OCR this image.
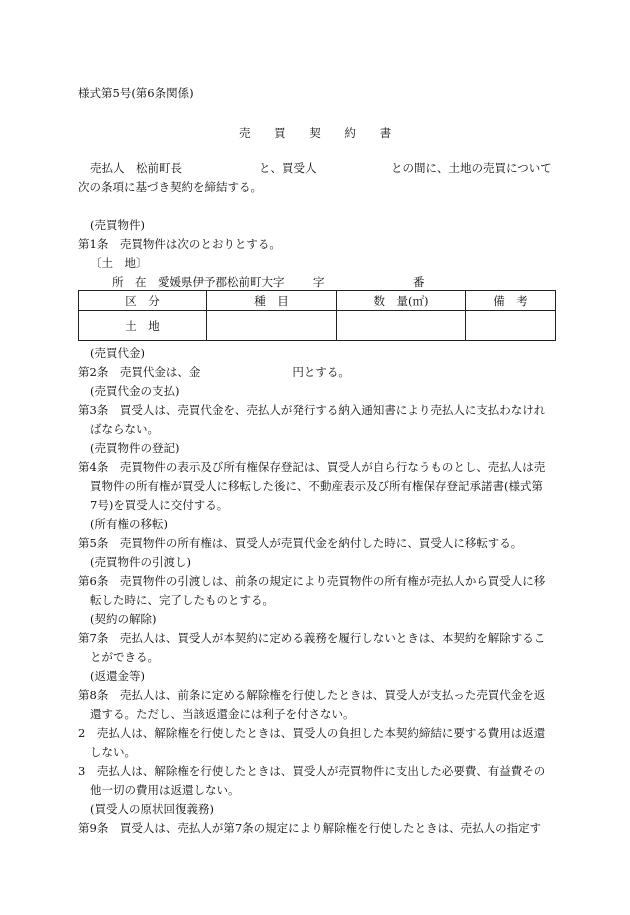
様式第5号(第6条関係)
売 買 契 約 書
売払人　松前町長	と、買受人	との間に、土地の売買について
次の条項に基づき契約を締結する。
(売買物件)
第1条　売買物件は次のとおりとする。
〔土　地〕
所　在　愛媛県伊予郡松前町大字 字	番
区　分	種　目	数　量(㎡)	備　考
土　地			
(売買代金)
第2条　売買代金は、金　　　　　　　　円とする。
(売買代金の支払)
第3条　買受人は、売買代金を、売払人が発行する納入通知書により売払人に支払わなけれ
ばならない。
(売買物件の登記)
第4条　売買物件の表示及び所有権保存登記は、買受人が自ら行なうものとし、売払人は売
買物件の所有権が買受人に移転した後に、不動産表示及び所有権保存登記承諾書(様式第
7号)を買受人に交付する。
(所有権の移転)
第5条　売買物件の所有権は、買受人が売買代金を納付した時に、買受人に移転する。
(売買物件の引渡し)
第6条　売買物件の引渡しは、前条の規定により売買物件の所有権が売払人から買受人に移
転した時に、完了したものとする。
(契約の解除)
第7条　売払人は、買受人が本契約に定める義務を履行しないときは、本契約を解除するこ
とができる。
(返還金等)
第8条　売払人は、前条に定める解除権を行使したときは、買受人が支払った売買代金を返
還する。ただし、当該返還金には利子を付さない。
2　売払人は、解除権を行使したときは、買受人の負担した本契約締結に要する費用は返還
しない。
3　売払人は、解除権を行使したときは、買受人が売買物件に支出した必要費、有益費その
他一切の費用は返還しない。
(買受人の原状回復義務)
第9条　買受人は、売払人が第7条の規定により解除権を行使したときは、売払人の指定す
